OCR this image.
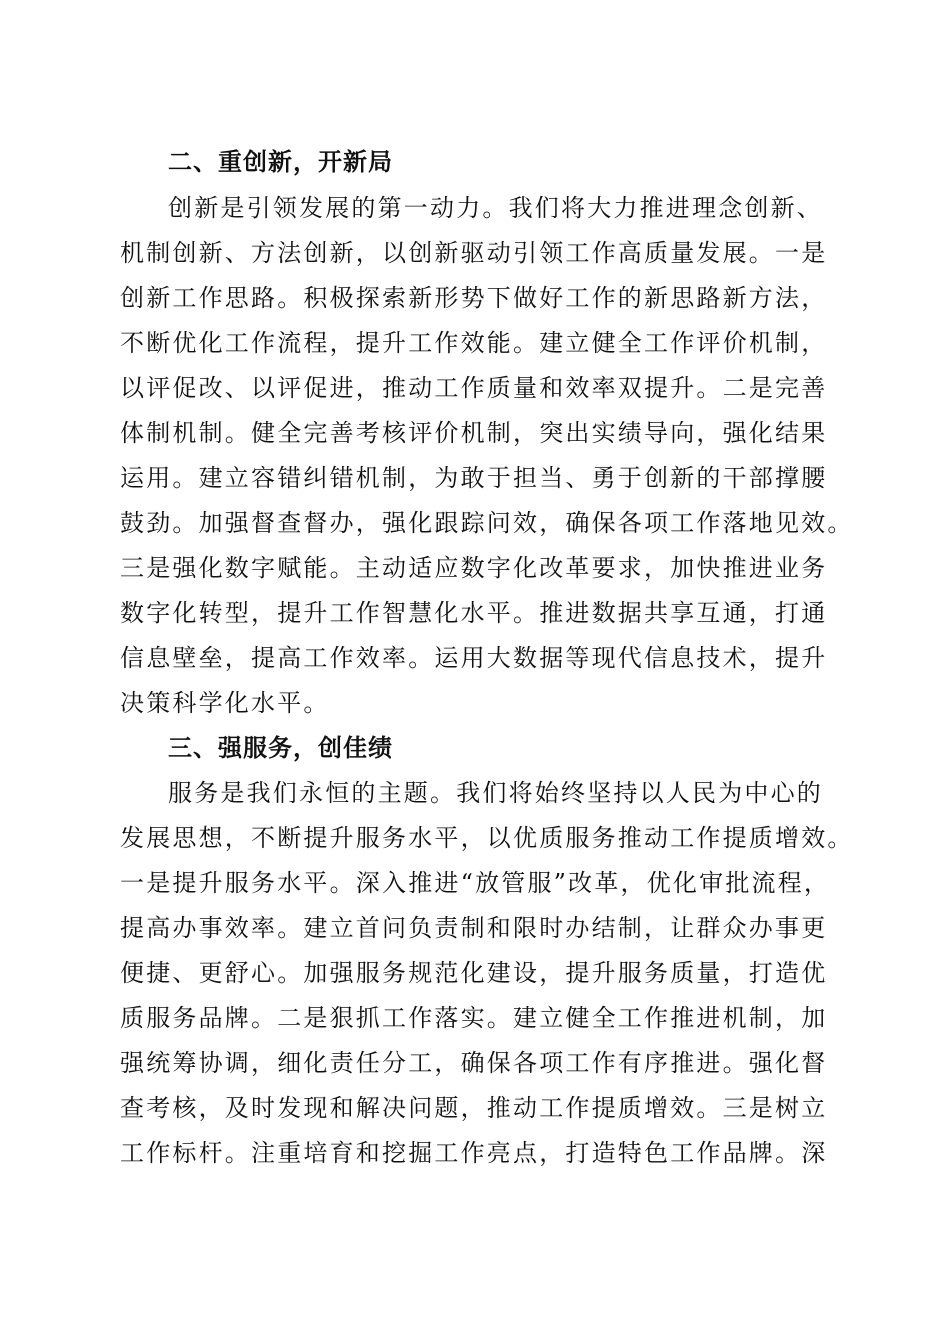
二、重创新，开新局
创新是引领发展的第一动力。我们将大力推进理念创新、
机制创新、方法创新，以创新驱动引领工作高质量发展。一是
创新工作思路。积极探索新形势下做好工作的新思路新方法，
不断优化工作流程，提升工作效能。建立健全工作评价机制，
以评促改、以评促进，推动工作质量和效率双提升。二是完善
体制机制。健全完善考核评价机制，突出实绩导向，强化结果
运用。建立容错纠错机制，为敢于担当、勇于创新的干部撑腰
鼓劲。加强督查督办，强化跟踪问效，确保各项工作落地见效。
三是强化数字赋能。主动适应数字化改革要求，加快推进业务
数字化转型，提升工作智慧化水平。推进数据共享互通，打通
信息壁垒，提高工作效率。运用大数据等现代信息技术，提升
决策科学化水平。
三、强服务，创佳绩
服务是我们永恒的主题。我们将始终坚持以人民为中心的
发展思想，不断提升服务水平，以优质服务推动工作提质增效。
一是提升服务水平。深入推进“放管服”改革，优化审批流程，
提高办事效率。建立首问负责制和限时办结制，让群众办事更
便捷、更舒心。加强服务规范化建设，提升服务质量，打造优
质服务品牌。二是狠抓工作落实。建立健全工作推进机制，加
强统筹协调，细化责任分工，确保各项工作有序推进。强化督
查考核，及时发现和解决问题，推动工作提质增效。三是树立
工作标杆。注重培育和挖掘工作亮点，打造特色工作品牌。深
